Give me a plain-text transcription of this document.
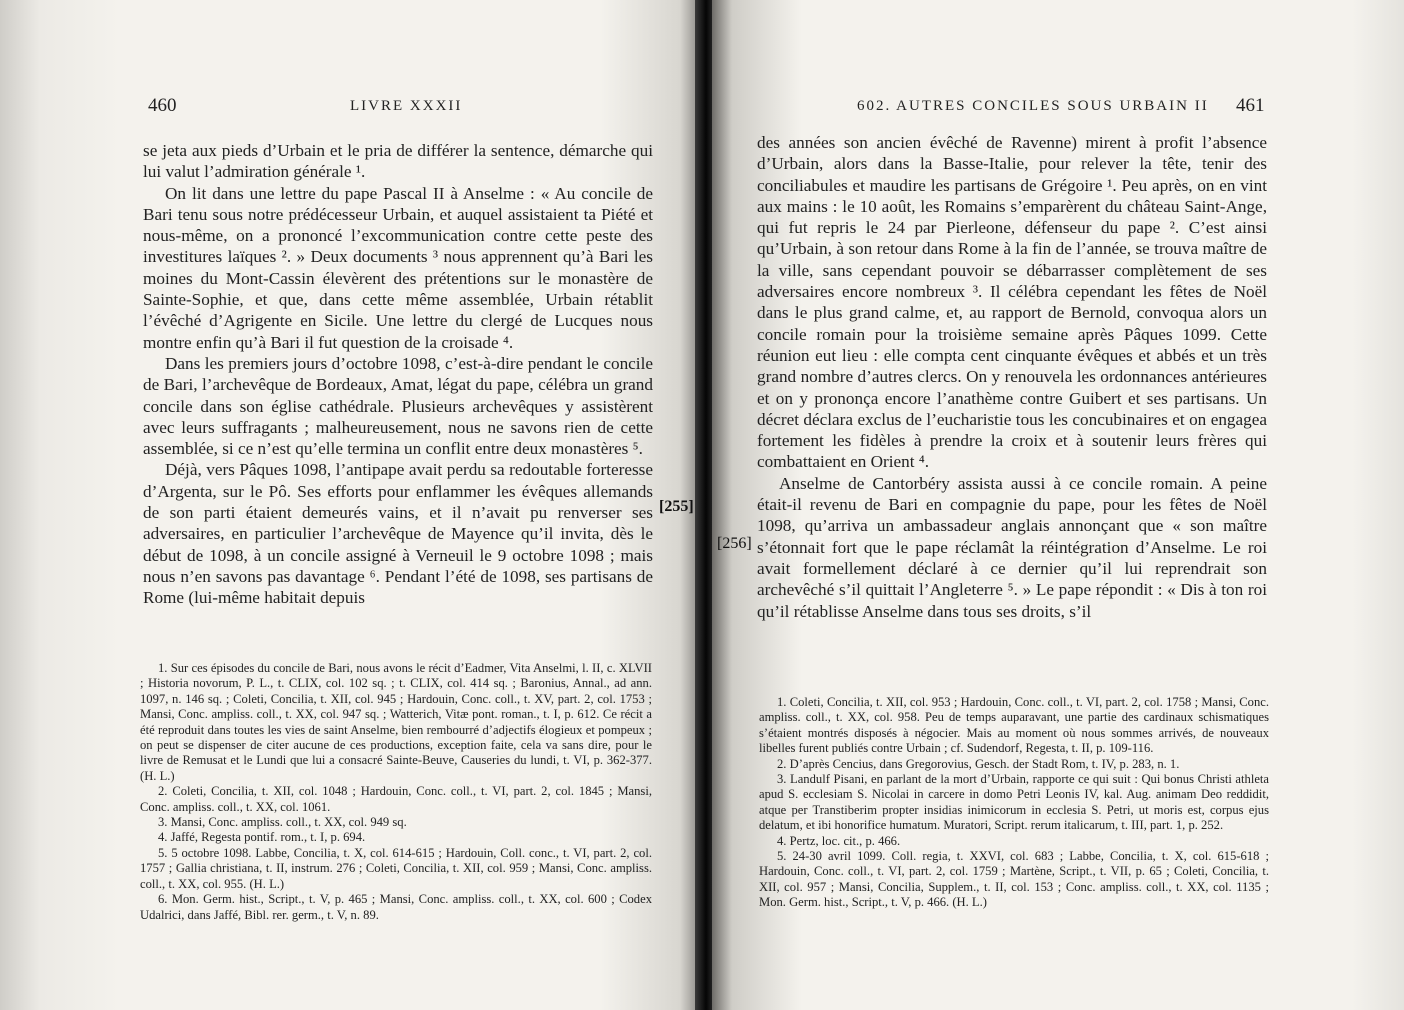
460	LIVRE XXXII

se jeta aux pieds d’Urbain et le pria de différer la sentence, démarche qui lui valut l’admiration générale ¹.

On lit dans une lettre du pape Pascal II à Anselme : « Au concile de Bari tenu sous notre prédécesseur Urbain, et auquel assistaient ta Piété et nous-même, on a prononcé l’excommunication contre cette peste des investitures laïques ². » Deux documents ³ nous apprennent qu’à Bari les moines du Mont-Cassin élevèrent des prétentions sur le monastère de Sainte-Sophie, et que, dans cette même assemblée, Urbain rétablit l’évêché d’Agrigente en Sicile. Une lettre du clergé de Lucques nous montre enfin qu’à Bari il fut question de la croisade ⁴.

Dans les premiers jours d’octobre 1098, c’est-à-dire pendant le concile de Bari, l’archevêque de Bordeaux, Amat, légat du pape, célébra un grand concile dans son église cathédrale. Plusieurs archevêques y assistèrent avec leurs suffragants ; malheureusement, nous ne savons rien de cette assemblée, si ce n’est qu’elle termina un conflit entre deux monastères ⁵.

Déjà, vers Pâques 1098, l’antipape avait perdu sa redoutable forteresse d’Argenta, sur le Pô. Ses efforts pour enflammer les évêques allemands de son parti étaient demeurés vains, et il n’avait pu renverser ses adversaires, en particulier l’archevêque de Mayence qu’il invita, dès le début de 1098, à un concile assigné à Verneuil le 9 octobre 1098 ; mais nous n’en savons pas davantage ⁶. Pendant l’été de 1098, ses partisans de Rome (lui-même habitait depuis

[255]

1. Sur ces épisodes du concile de Bari, nous avons le récit d’Eadmer, Vita Anselmi, l. II, c. XLVII ; Historia novorum, P. L., t. CLIX, col. 102 sq. ; t. CLIX, col. 414 sq. ; Baronius, Annal., ad ann. 1097, n. 146 sq. ; Coleti, Concilia, t. XII, col. 945 ; Hardouin, Conc. coll., t. XV, part. 2, col. 1753 ; Mansi, Conc. ampliss. coll., t. XX, col. 947 sq. ; Watterich, Vitæ pont. roman., t. I, p. 612. Ce récit a été reproduit dans toutes les vies de saint Anselme, bien rembourré d’adjectifs élogieux et pompeux ; on peut se dispenser de citer aucune de ces productions, exception faite, cela va sans dire, pour le livre de Remusat et le Lundi que lui a consacré Sainte-Beuve, Causeries du lundi, t. VI, p. 362-377. (H. L.)

2. Coleti, Concilia, t. XII, col. 1048 ; Hardouin, Conc. coll., t. VI, part. 2, col. 1845 ; Mansi, Conc. ampliss. coll., t. XX, col. 1061.

3. Mansi, Conc. ampliss. coll., t. XX, col. 949 sq.

4. Jaffé, Regesta pontif. rom., t. I, p. 694.

5. 5 octobre 1098. Labbe, Concilia, t. X, col. 614-615 ; Hardouin, Coll. conc., t. VI, part. 2, col. 1757 ; Gallia christiana, t. II, instrum. 276 ; Coleti, Concilia, t. XII, col. 959 ; Mansi, Conc. ampliss. coll., t. XX, col. 955. (H. L.)

6. Mon. Germ. hist., Script., t. V, p. 465 ; Mansi, Conc. ampliss. coll., t. XX, col. 600 ; Codex Udalrici, dans Jaffé, Bibl. rer. germ., t. V, n. 89.

602. AUTRES CONCILES SOUS URBAIN II 461

des années son ancien évêché de Ravenne) mirent à profit l’absence d’Urbain, alors dans la Basse-Italie, pour relever la tête, tenir des conciliabules et maudire les partisans de Grégoire ¹. Peu après, on en vint aux mains : le 10 août, les Romains s’emparèrent du château Saint-Ange, qui fut repris le 24 par Pierleone, défenseur du pape ². C’est ainsi qu’Urbain, à son retour dans Rome à la fin de l’année, se trouva maître de la ville, sans cependant pouvoir se débarrasser complètement de ses adversaires encore nombreux ³. Il célébra cependant les fêtes de Noël dans le plus grand calme, et, au rapport de Bernold, convoqua alors un concile romain pour la troisième semaine après Pâques 1099. Cette réunion eut lieu : elle compta cent cinquante évêques et abbés et un très grand nombre d’autres clercs. On y renouvela les ordonnances antérieures et on y prononça encore l’anathème contre Guibert et ses partisans. Un décret déclara exclus de l’eucharistie tous les concubinaires et on engagea fortement les fidèles à prendre la croix et à soutenir leurs frères qui combattaient en Orient ⁴.

Anselme de Cantorbéry assista aussi à ce concile romain. A peine était-il revenu de Bari en compagnie du pape, pour les fêtes de Noël 1098, qu’arriva un ambassadeur anglais annonçant que « son maître s’étonnait fort que le pape réclamât la réintégration d’Anselme. Le roi avait formellement déclaré à ce dernier qu’il lui reprendrait son archevêché s’il quittait l’Angleterre ⁵. » Le pape répondit : « Dis à ton roi qu’il rétablisse Anselme dans tous ses droits, s’il

[256]

1. Coleti, Concilia, t. XII, col. 953 ; Hardouin, Conc. coll., t. VI, part. 2, col. 1758 ; Mansi, Conc. ampliss. coll., t. XX, col. 958. Peu de temps auparavant, une partie des cardinaux schismatiques s’étaient montrés disposés à négocier. Mais au moment où nous sommes arrivés, de nouveaux libelles furent publiés contre Urbain ; cf. Sudendorf, Regesta, t. II, p. 109-116.

2. D’après Cencius, dans Gregorovius, Gesch. der Stadt Rom, t. IV, p. 283, n. 1.

3. Landulf Pisani, en parlant de la mort d’Urbain, rapporte ce qui suit : Qui bonus Christi athleta apud S. ecclesiam S. Nicolai in carcere in domo Petri Leonis IV, kal. Aug. animam Deo reddidit, atque per Transtiberim propter insidias inimicorum in ecclesia S. Petri, ut moris est, corpus ejus delatum, et ibi honorifice humatum. Muratori, Script. rerum italicarum, t. III, part. 1, p. 252.

4. Pertz, loc. cit., p. 466.

5. 24-30 avril 1099. Coll. regia, t. XXVI, col. 683 ; Labbe, Concilia, t. X, col. 615-618 ; Hardouin, Conc. coll., t. VI, part. 2, col. 1759 ; Martène, Script., t. VII, p. 65 ; Coleti, Concilia, t. XII, col. 957 ; Mansi, Concilia, Supplem., t. II, col. 153 ; Conc. ampliss. coll., t. XX, col. 1135 ; Mon. Germ. hist., Script., t. V, p. 466. (H. L.)
